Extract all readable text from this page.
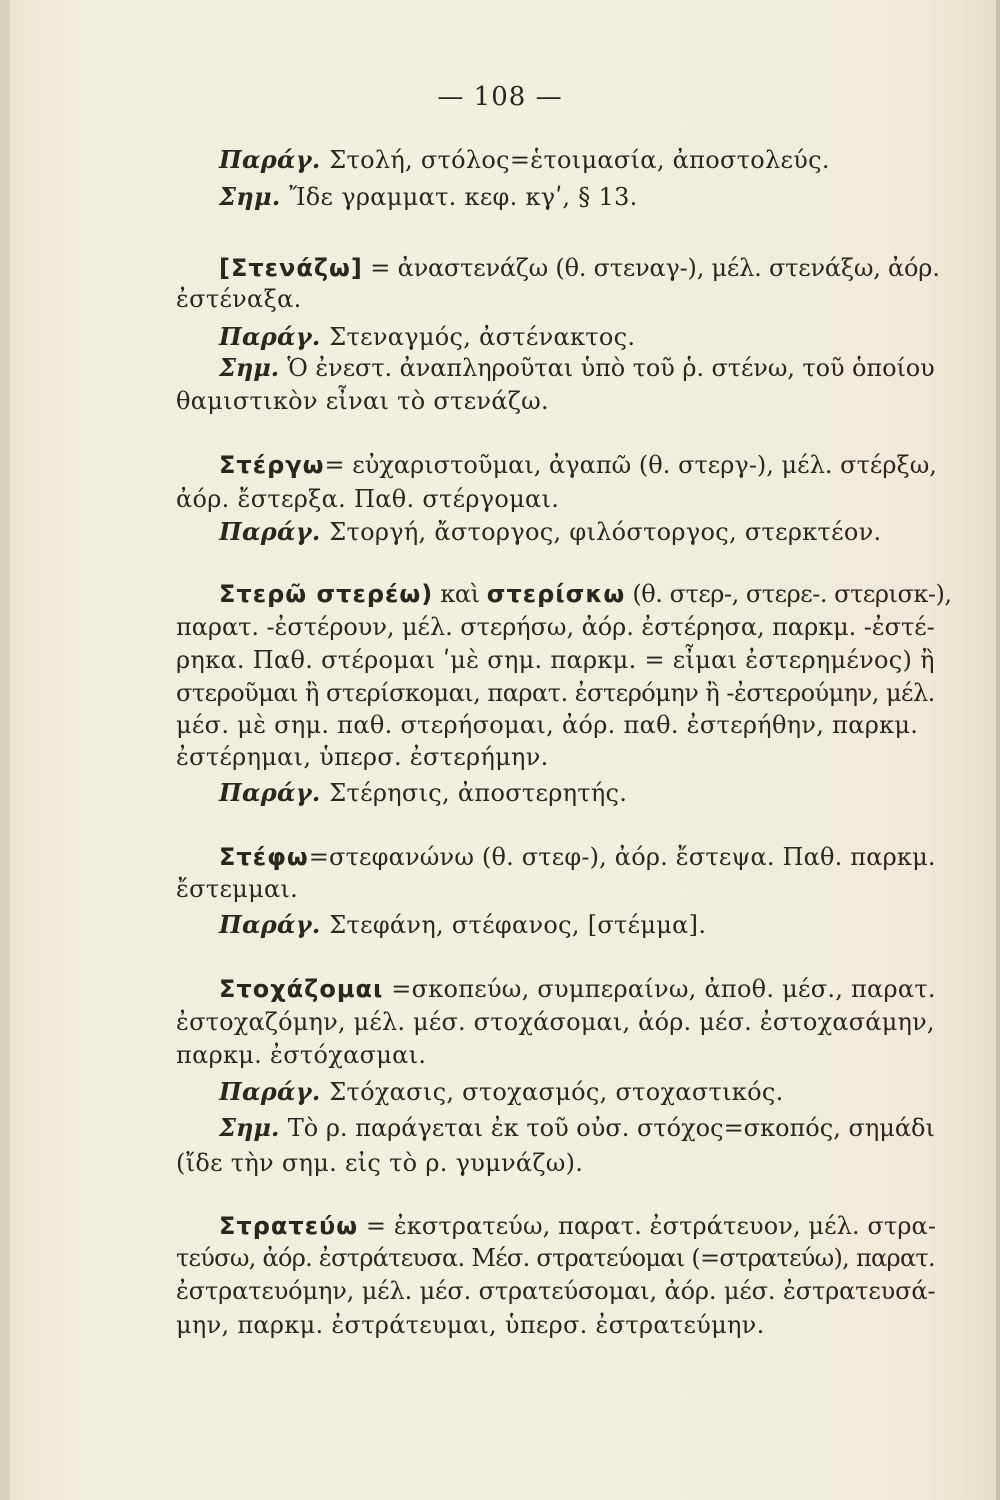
— 108 —
Παράγ. Στολή, στόλος=ἑτοιμασία, ἀποστολεύς.
Σημ. Ἴδε γραμματ. κεφ. κγʹ, § 13.
[Στενάζω] = ἀναστενάζω (θ. στεναγ-), μέλ. στενάξω, ἀόρ.
ἐστέναξα.
Παράγ. Στεναγμός, ἀστένακτος.
Σημ. Ὁ ἐνεστ. ἀναπληροῦται ὑπὸ τοῦ ῥ. στένω, τοῦ ὁποίου
θαμιστικὸν εἶναι τὸ στενάζω.
Στέργω= εὐχαριστοῦμαι, ἀγαπῶ (θ. στεργ-), μέλ. στέρξω,
ἀόρ. ἔστερξα. Παθ. στέργομαι.
Παράγ. Στοργή, ἄστοργος, φιλόστοργος, στερκτέον.
Στερῶ στερέω) καὶ στερίσκω (θ. στερ-, στερε-. στερισκ-),
παρατ. -ἐστέρουν, μέλ. στερήσω, ἀόρ. ἐστέρησα, παρκμ. -ἐστέ-
ρηκα. Παθ. στέρομαι ʹμὲ σημ. παρκμ. = εἶμαι ἐστερημένος) ἢ
στεροῦμαι ἢ στερίσκομαι, παρατ. ἐστερόμην ἢ -ἐστερούμην, μέλ.
μέσ. μὲ σημ. παθ. στερήσομαι, ἀόρ. παθ. ἐστερήθην, παρκμ.
ἐστέρημαι, ὑπερσ. ἐστερήμην.
Παράγ. Στέρησις, ἀποστερητής.
Στέφω=στεφανώνω (θ. στεφ-), ἀόρ. ἔστεψα. Παθ. παρκμ.
ἔστεμμαι.
Παράγ. Στεφάνη, στέφανος, [στέμμα].
Στοχάζομαι =σκοπεύω, συμπεραίνω, ἀποθ. μέσ., παρατ.
ἐστοχαζόμην, μέλ. μέσ. στοχάσομαι, ἀόρ. μέσ. ἐστοχασάμην,
παρκμ. ἐστόχασμαι.
Παράγ. Στόχασις, στοχασμός, στοχαστικός.
Σημ. Τὸ ρ. παράγεται ἐκ τοῦ οὐσ. στόχος=σκοπός, σημάδι
(ἴδε τὴν σημ. εἰς τὸ ρ. γυμνάζω).
Στρατεύω = ἐκστρατεύω, παρατ. ἐστράτευον, μέλ. στρα-
τεύσω, ἀόρ. ἐστράτευσα. Μέσ. στρατεύομαι (=στρατεύω), παρατ.
ἐστρατευόμην, μέλ. μέσ. στρατεύσομαι, ἀόρ. μέσ. ἐστρατευσά-
μην, παρκμ. ἐστράτευμαι, ὑπερσ. ἐστρατεύμην.
